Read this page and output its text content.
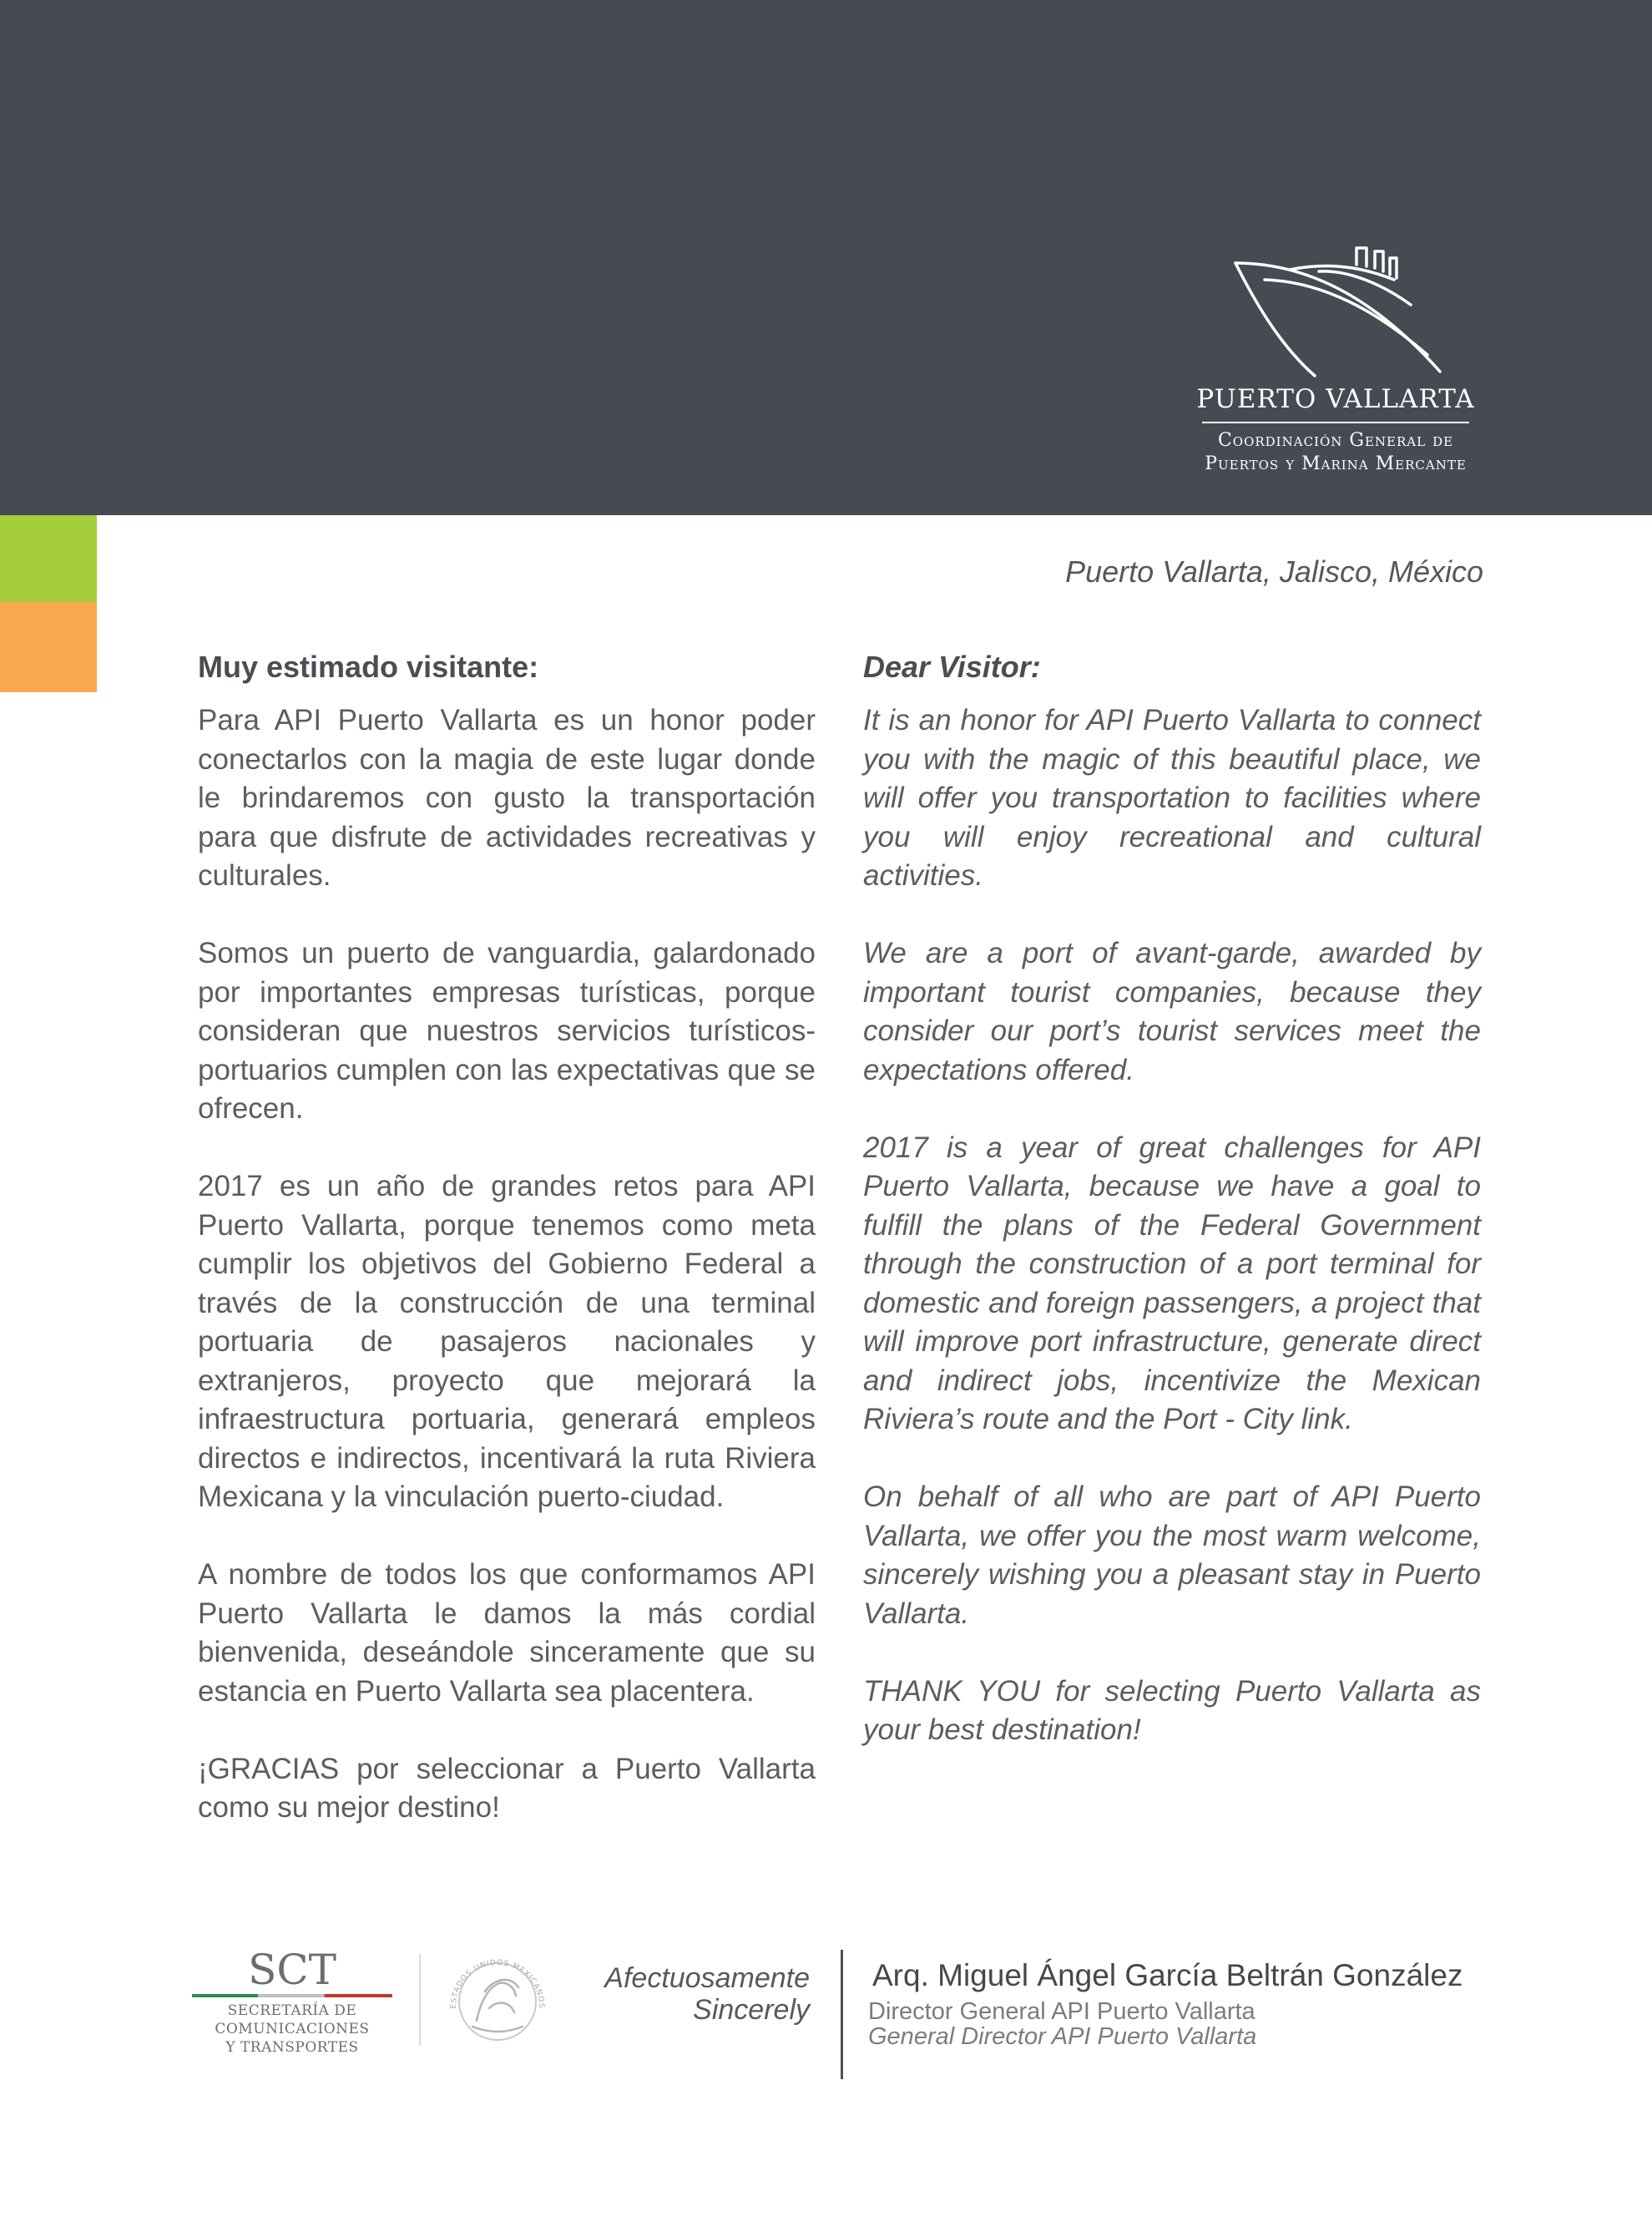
PUERTO VALLARTA
Coordinación General de
Puertos y Marina Mercante
Puerto Vallarta, Jalisco, México
Muy estimado visitante:

Para API Puerto Vallarta es un honor poder conectarlos con la magia de este lugar donde le brindaremos con gusto la transportación para que disfrute de actividades recreativas y culturales.

Somos un puerto de vanguardia, galardonado por importantes empresas turísticas, porque consideran que nuestros servicios turísticos-portuarios cumplen con las expectativas que se ofrecen.

2017 es un año de grandes retos para API Puerto Vallarta, porque tenemos como meta cumplir los objetivos del Gobierno Federal a través de la construcción de una terminal portuaria de pasajeros nacionales y extranjeros, proyecto que mejorará la infraestructura portuaria, generará empleos directos e indirectos, incentivará la ruta Riviera Mexicana y la vinculación puerto-ciudad.

A nombre de todos los que conformamos API Puerto Vallarta le damos la más cordial bienvenida, deseándole sinceramente que su estancia en Puerto Vallarta sea placentera.

¡GRACIAS por seleccionar a Puerto Vallarta como su mejor destino!

Dear Visitor:

It is an honor for API Puerto Vallarta to connect you with the magic of this beautiful place, we will offer you transportation to facilities where you will enjoy recreational and cultural activities.

We are a port of avant-garde, awarded by important tourist companies, because they consider our port’s tourist services meet the expectations offered.

2017 is a year of great challenges for API Puerto Vallarta, because we have a goal to fulfill the plans of the Federal Government through the construction of a port terminal for domestic and foreign passengers, a project that will improve port infrastructure, generate direct and indirect jobs, incentivize the Mexican Riviera’s route and the Port - City link.

On behalf of all who are part of API Puerto Vallarta, we offer you the most warm welcome, sincerely wishing you a pleasant stay in Puerto Vallarta.

THANK YOU for selecting Puerto Vallarta as your best destination!

SCT
SECRETARÍA DE
COMUNICACIONES
Y TRANSPORTES
ESTADOS UNIDOS MEXICANOS
Afectuosamente
Sincerely
Arq. Miguel Ángel García Beltrán González
Director General API Puerto Vallarta
General Director API Puerto Vallarta
